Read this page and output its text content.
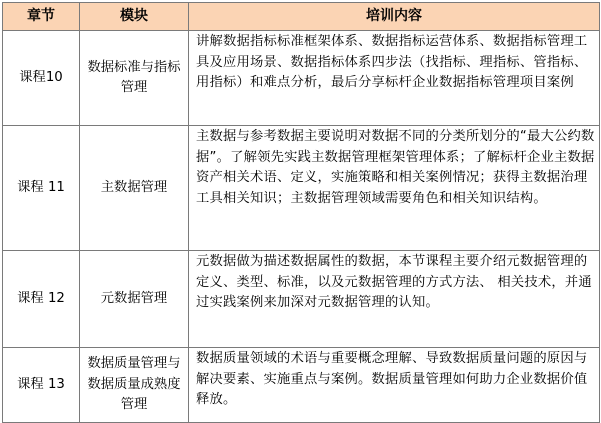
章节	模块	培训内容
课程10	数据标准与指标管理	讲解数据指标标准框架体系、数据指标运营体系、数据指标管理工具及应用场景、数据指标体系四步法（找指标、理指标、管指标、用指标）和难点分析，最后分享标杆企业数据指标管理项目案例
课程 11	主数据管理	主数据与参考数据主要说明对数据不同的分类所划分的“最大公约数据”。了解领先实践主数据管理框架管理体系；了解标杆企业主数据资产相关术语、定义，实施策略和相关案例情况；获得主数据治理工具相关知识；主数据管理领域需要角色和相关知识结构。
课程 12	元数据管理	元数据做为描述数据属性的数据，本节课程主要介绍元数据管理的定义、类型、标准，以及元数据管理的方式方法、 相关技术，并通过实践案例来加深对元数据管理的认知。
课程 13	数据质量管理与数据质量成熟度管理	数据质量领域的术语与重要概念理解、导致数据质量问题的原因与解决要素、实施重点与案例。数据质量管理如何助力企业数据价值释放。
